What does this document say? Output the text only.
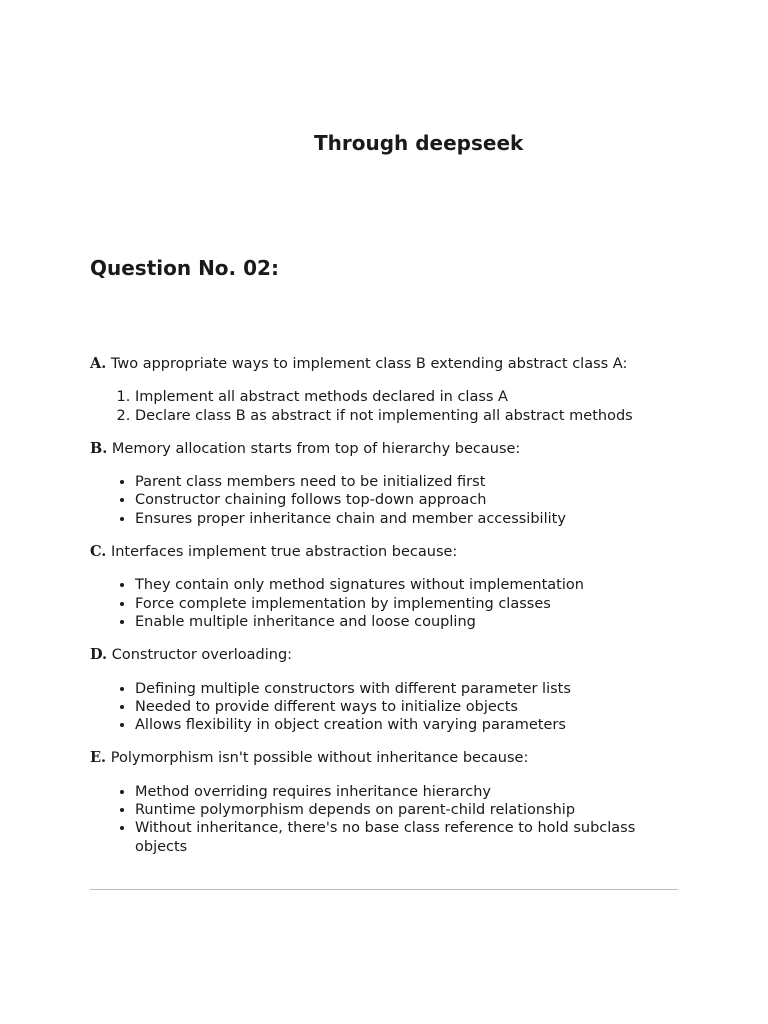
Through deepseek
Question No. 02:

A. Two appropriate ways to implement class B extending abstract class A:

1. Implement all abstract methods declared in class A
2. Declare class B as abstract if not implementing all abstract methods

B. Memory allocation starts from top of hierarchy because:

• Parent class members need to be initialized first
• Constructor chaining follows top-down approach
• Ensures proper inheritance chain and member accessibility

C. Interfaces implement true abstraction because:

• They contain only method signatures without implementation
• Force complete implementation by implementing classes
• Enable multiple inheritance and loose coupling

D. Constructor overloading:

• Defining multiple constructors with different parameter lists
• Needed to provide different ways to initialize objects
• Allows flexibility in object creation with varying parameters

E. Polymorphism isn't possible without inheritance because:

• Method overriding requires inheritance hierarchy
• Runtime polymorphism depends on parent-child relationship
• Without inheritance, there's no base class reference to hold subclass objects
